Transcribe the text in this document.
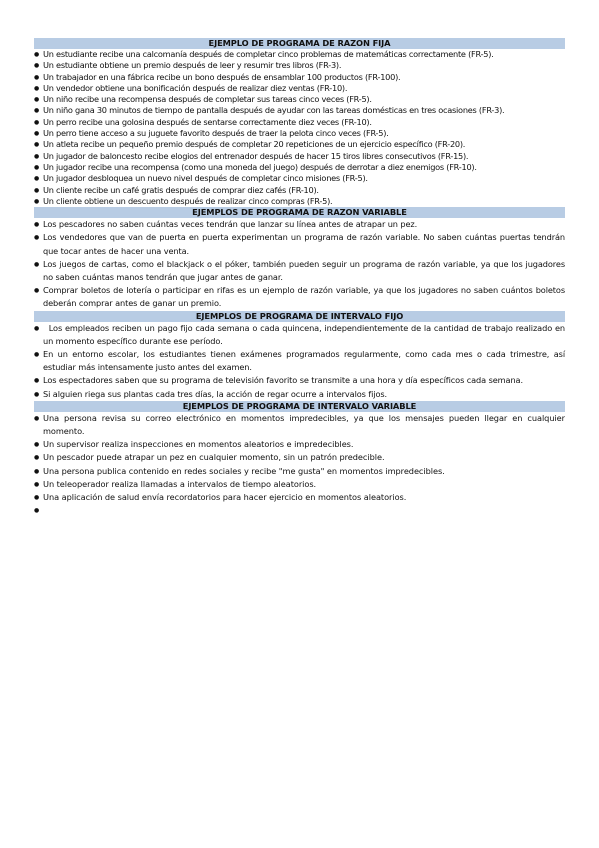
EJEMPLO DE PROGRAMA DE RAZON FIJA
● Un estudiante recibe una calcomanía después de completar cinco problemas de matemáticas correctamente (FR-5).
● Un estudiante obtiene un premio después de leer y resumir tres libros (FR-3).
● Un trabajador en una fábrica recibe un bono después de ensamblar 100 productos (FR-100).
● Un vendedor obtiene una bonificación después de realizar diez ventas (FR-10).
● Un niño recibe una recompensa después de completar sus tareas cinco veces (FR-5).
● Un niño gana 30 minutos de tiempo de pantalla después de ayudar con las tareas domésticas en tres ocasiones (FR-3).
● Un perro recibe una golosina después de sentarse correctamente diez veces (FR-10).
● Un perro tiene acceso a su juguete favorito después de traer la pelota cinco veces (FR-5).
● Un atleta recibe un pequeño premio después de completar 20 repeticiones de un ejercicio específico (FR-20).
● Un jugador de baloncesto recibe elogios del entrenador después de hacer 15 tiros libres consecutivos (FR-15).
● Un jugador recibe una recompensa (como una moneda del juego) después de derrotar a diez enemigos (FR-10).
● Un jugador desbloquea un nuevo nivel después de completar cinco misiones (FR-5).
● Un cliente recibe un café gratis después de comprar diez cafés (FR-10).
● Un cliente obtiene un descuento después de realizar cinco compras (FR-5).
EJEMPLOS DE PROGRAMA DE RAZON VARIABLE
● Los pescadores no saben cuántas veces tendrán que lanzar su línea antes de atrapar un pez.
● Los vendedores que van de puerta en puerta experimentan un programa de razón variable. No saben cuántas puertas tendrán que tocar antes de hacer una venta.
● Los juegos de cartas, como el blackjack o el póker, también pueden seguir un programa de razón variable, ya que los jugadores no saben cuántas manos tendrán que jugar antes de ganar.
● Comprar boletos de lotería o participar en rifas es un ejemplo de razón variable, ya que los jugadores no saben cuántos boletos deberán comprar antes de ganar un premio.
EJEMPLOS DE PROGRAMA DE INTERVALO FIJO
●   Los empleados reciben un pago fijo cada semana o cada quincena, independientemente de la cantidad de trabajo realizado en un momento específico durante ese período.
● En un entorno escolar, los estudiantes tienen exámenes programados regularmente, como cada mes o cada trimestre, así estudiar más intensamente justo antes del examen.
● Los espectadores saben que su programa de televisión favorito se transmite a una hora y día específicos cada semana.
● Si alguien riega sus plantas cada tres días, la acción de regar ocurre a intervalos fijos.
EJEMPLOS DE PROGRAMA DE INTERVALO VARIABLE
● Una persona revisa su correo electrónico en momentos impredecibles, ya que los mensajes pueden llegar en cualquier momento.
● Un supervisor realiza inspecciones en momentos aleatorios e impredecibles.
● Un pescador puede atrapar un pez en cualquier momento, sin un patrón predecible.
● Una persona publica contenido en redes sociales y recibe "me gusta" en momentos impredecibles.
● Un teleoperador realiza llamadas a intervalos de tiempo aleatorios.
● Una aplicación de salud envía recordatorios para hacer ejercicio en momentos aleatorios.
●
